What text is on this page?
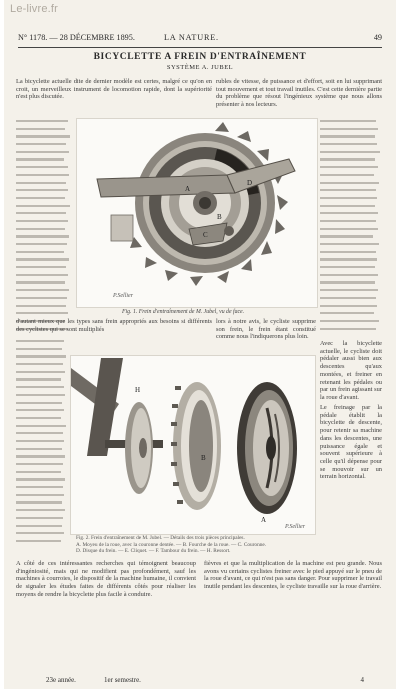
Le-livre.fr
N° 1178. — 28 DÉCEMBRE 1895.	LA NATURE.	49
BICYCLETTE A FREIN D'ENTRAÎNEMENT
SYSTÈME A. JUBEL
La bicyclette actuelle dite de dernier modèle est certes, malgré ce qu'on en croit, un merveilleux instrument de locomotion rapide, dont la supériorité n'est plus discutée.
rubles de vitesse, de puissance et d'effort, soit en lui supprimant tout mouvement et tout travail inutiles. C'est cette dernière partie du problème que résout l'ingénieux système que nous allons présenter à nos lecteurs.
P.Sellier
A
B
C
D
Fig. 1. Frein d'entraînement de M. Jubel, vu de face.
d'autant mieux que les types sans frein appropriés aux besoins si différents des cyclistes qui se sont multipliés
lors à notre avis, le cycliste supprime son frein, le frein étant constitué comme nous l'indiquerons plus loin.
Avec la bicyclette actuelle, le cycliste doit pédaler aussi bien aux descentes qu'aux montées, et freiner en retenant les pédales ou par un frein agissant sur la roue d'avant.
Le freinage par la pédale établit la bicyclette de descente, pour retenir sa machine dans les descentes, une puissance égale et souvent supérieure à celle qu'il dépense pour se mouvoir sur un terrain horizontal.
H
B
A
P.Sellier
Fig. 2. Frein d'entraînement de M. Jubel. — Détails des trois pièces principales.
A. Moyeu de la roue, avec la couronne dentée. — B. Fourche de la roue. — C. Couronne.
D. Disque du frein. — E. Cliquet. — F. Tambour du frein. — H. Ressort.
A côté de ces intéressantes recherches qui témoignent beaucoup d'ingéniosité, mais qui ne modifient pas profondément, sauf les machines à courroies, le dispositif de la machine humaine, il convient de signaler les études faites de différents côtés pour réaliser les moyens de rendre la bicyclette plus facile à conduire.
fièvres et que la multiplication de la machine est peu grande. Nous avons vu certains cyclistes freiner avec le pied appuyé sur le pneu de la roue d'avant, ce qui n'est pas sans danger. Pour supprimer le travail inutile pendant les descentes, le cycliste travaille sur la roue d'arrière.
23e année.	1er semestre.	4
